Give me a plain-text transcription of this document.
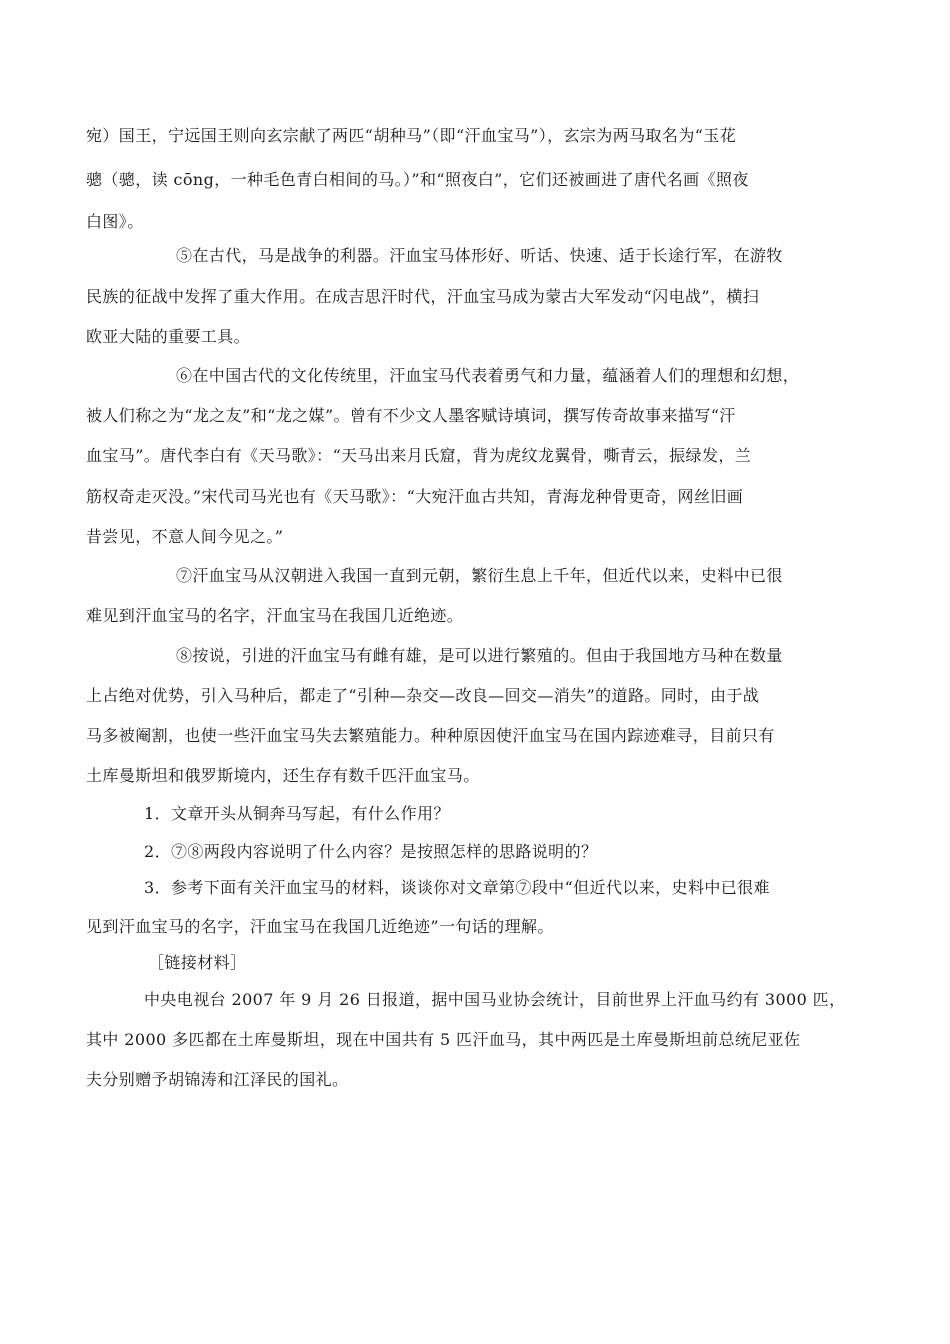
宛）国王，宁远国王则向玄宗献了两匹“胡种马”（即“汗血宝马”），玄宗为两马取名为“玉花
骢（骢，读 cōng，一种毛色青白相间的马。）”和“照夜白”，它们还被画进了唐代名画《照夜
白图》。
⑤在古代，马是战争的利器。汗血宝马体形好、听话、快速、适于长途行军，在游牧
民族的征战中发挥了重大作用。在成吉思汗时代，汗血宝马成为蒙古大军发动“闪电战”，横扫
欧亚大陆的重要工具。
⑥在中国古代的文化传统里，汗血宝马代表着勇气和力量，蕴涵着人们的理想和幻想，
被人们称之为“龙之友”和“龙之媒”。曾有不少文人墨客赋诗填词，撰写传奇故事来描写“汗
血宝马”。唐代李白有《天马歌》：“天马出来月氏窟，背为虎纹龙翼骨，嘶青云，振绿发，兰
筋权奇走灭没。”宋代司马光也有《天马歌》：“大宛汗血古共知，青海龙种骨更奇，网丝旧画
昔尝见，不意人间今见之。”
⑦汗血宝马从汉朝进入我国一直到元朝，繁衍生息上千年，但近代以来，史料中已很
难见到汗血宝马的名字，汗血宝马在我国几近绝迹。
⑧按说，引进的汗血宝马有雌有雄，是可以进行繁殖的。但由于我国地方马种在数量
上占绝对优势，引入马种后，都走了“引种—杂交—改良—回交—消失”的道路。同时，由于战
马多被阉割，也使一些汗血宝马失去繁殖能力。种种原因使汗血宝马在国内踪迹难寻，目前只有
土库曼斯坦和俄罗斯境内，还生存有数千匹汗血宝马。
1．文章开头从铜奔马写起，有什么作用？
2．⑦⑧两段内容说明了什么内容？是按照怎样的思路说明的？
3．参考下面有关汗血宝马的材料，谈谈你对文章第⑦段中“但近代以来，史料中已很难
见到汗血宝马的名字，汗血宝马在我国几近绝迹”一句话的理解。
［链接材料］
中央电视台 2007 年 9 月 26 日报道，据中国马业协会统计，目前世界上汗血马约有 3000 匹，
其中 2000 多匹都在土库曼斯坦，现在中国共有 5 匹汗血马，其中两匹是土库曼斯坦前总统尼亚佐
夫分别赠予胡锦涛和江泽民的国礼。
